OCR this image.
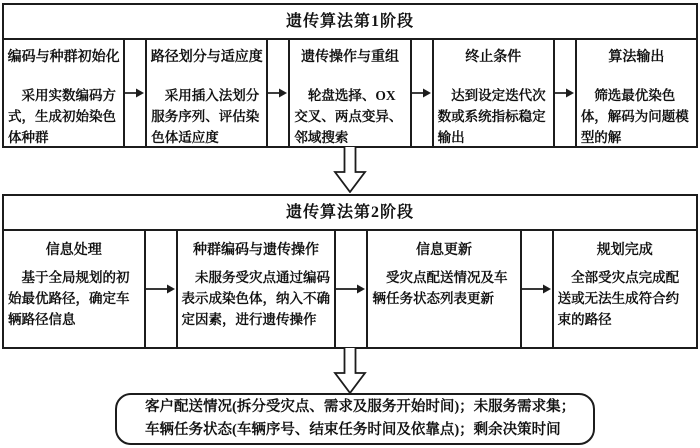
遗传算法第1阶段
编码与种群初始化
采用实数编码方式，生成初始染色体种群
路径划分与适应度
采用插入法划分服务序列、评估染色体适应度
遗传操作与重组
轮盘选择、OX交叉、两点变异、邻域搜索
终止条件
达到设定迭代次数或系统指标稳定输出
算法输出
筛选最优染色体，解码为问题模型的解
遗传算法第2阶段
信息处理
基于全局规划的初始最优路径，确定车辆路径信息
种群编码与遗传操作
未服务受灾点通过编码表示成染色体，纳入不确定因素，进行遗传操作
信息更新
受灾点配送情况及车辆任务状态列表更新
规划完成
全部受灾点完成配送或无法生成符合约束的路径
客户配送情况(拆分受灾点、需求及服务开始时间)；未服务需求集；
车辆任务状态(车辆序号、结束任务时间及依靠点)；剩余决策时间
